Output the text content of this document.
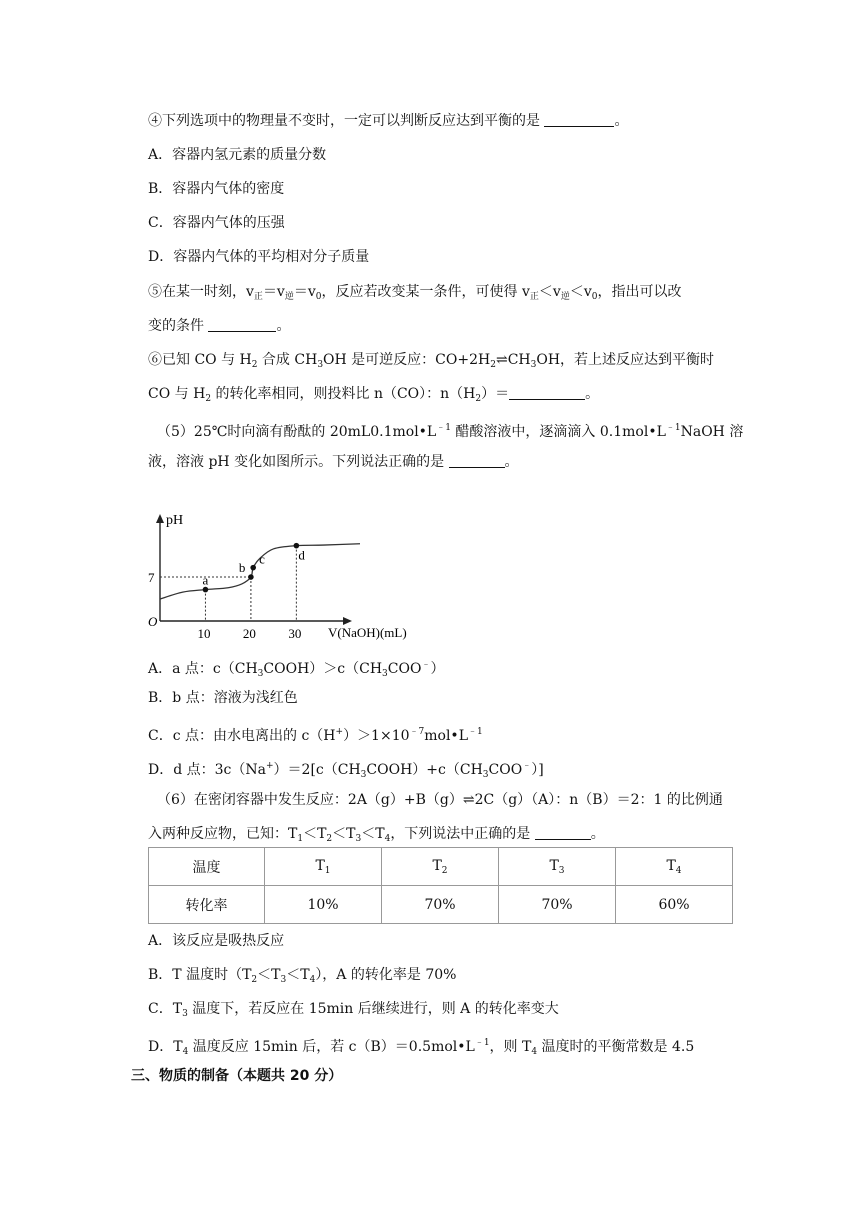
④下列选项中的物理量不变时，一定可以判断反应达到平衡的是	。
A．容器内氢元素的质量分数
B．容器内气体的密度
C．容器内气体的压强
D．容器内气体的平均相对分子质量
⑤在某一时刻，$v_正=v_逆=v_0$，反应若改变某一条件，可使得 $v_正<v_逆<v_0$，指出可以改
变的条件	。
⑥已知 CO 与 $H_2$ 合成 $CH_3OH$ 是可逆反应：$CO+2H_2\rightleftharpoons CH_3OH$，若上述反应达到平衡时
CO 与 $H_2$ 的转化率相同，则投料比 n（CO）：$n(H_2)=$	。
（5）25℃时向滴有酚酞的 $20mL0.1mol•L^{﹣1}$ 醋酸溶液中，逐滴滴入 $0.1mol•L^{﹣1}NaOH$ 溶
液，溶液 pH 变化如图所示。下列说法正确的是	。
pH
O
V(NaOH)(mL)
7
10 20 30
a
b
c	d
A．a 点：$c(CH_3COOH)>c(CH_3COO^﹣)$
B．b 点：溶液为浅红色
C．c 点：由水电离出的 $c(H^+)>1\times 10^{﹣7}mol•L^{﹣1}$
D．d 点：$3c(Na^+)=2[c(CH_3COOH)+c(CH_3COO^﹣)]$
（6）在密闭容器中发生反应：2A（g）+B（g）⇌2C（g）（A）：n（B）＝2：1 的比例通
入两种反应物，已知：$T_1<T_2<T_3<T_4$，下列说法中正确的是	。
温度	$T_1$	$T_2$	$T_3$	$T_4$
转化率	10%	70%	70%	60%
A．该反应是吸热反应
B．T 温度时$(T_2<T_3<T_4)$，A 的转化率是 70%
C．$T_3$ 温度下，若反应在 15min 后继续进行，则 A 的转化率变大
D．$T_4$ 温度反应 15min 后，若 $c(B)=0.5mol•L^{﹣1}$，则 $T_4$ 温度时的平衡常数是 4.5
三、物质的制备（本题共 20 分）
